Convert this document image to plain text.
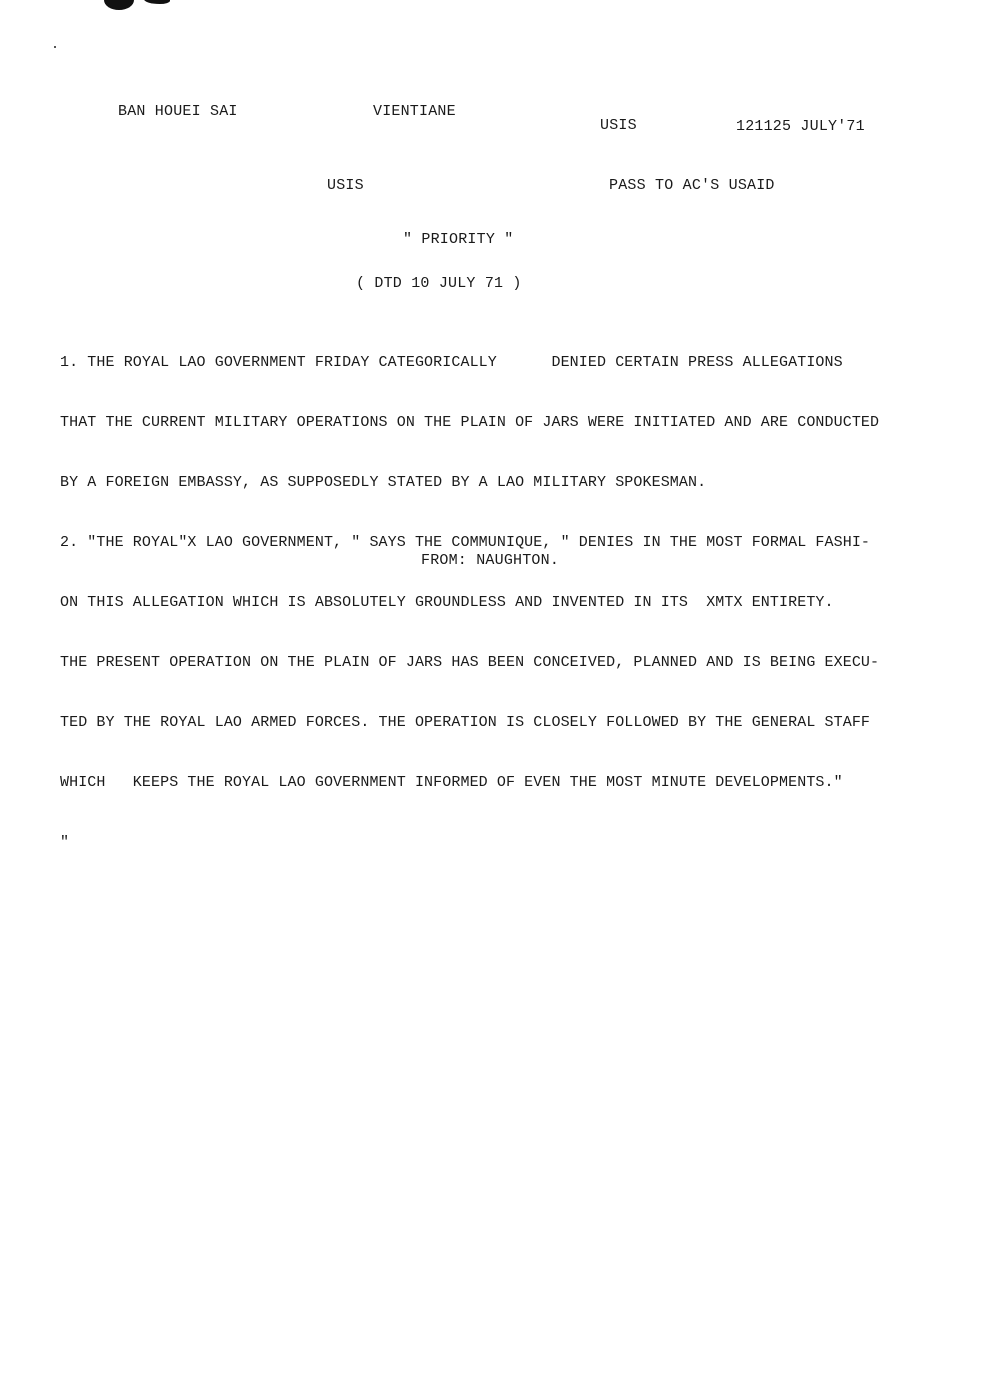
BAN HOUEI SAI	VIENTIANE
USIS	121125 JULY'71
USIS	PASS TO AC'S USAID
" PRIORITY "
( DTD 10 JULY 71 )

1. THE ROYAL LAO GOVERNMENT FRIDAY CATEGORICALLY      DENIED CERTAIN PRESS ALLEGATIONS

THAT THE CURRENT MILITARY OPERATIONS ON THE PLAIN OF JARS WERE INITIATED AND ARE CONDUCTED

BY A FOREIGN EMBASSY, AS SUPPOSEDLY STATED BY A LAO MILITARY SPOKESMAN.

2. "THE ROYAL"X LAO GOVERNMENT, " SAYS THE COMMUNIQUE, " DENIES IN THE MOST FORMAL FASHI-

ON THIS ALLEGATION WHICH IS ABSOLUTELY GROUNDLESS AND INVENTED IN ITS  XMTX ENTIRETY.

THE PRESENT OPERATION ON THE PLAIN OF JARS HAS BEEN CONCEIVED, PLANNED AND IS BEING EXECU-

TED BY THE ROYAL LAO ARMED FORCES. THE OPERATION IS CLOSELY FOLLOWED BY THE GENERAL STAFF

WHICH   KEEPS THE ROYAL LAO GOVERNMENT INFORMED OF EVEN THE MOST MINUTE DEVELOPMENTS."

"

FROM: NAUGHTON.
